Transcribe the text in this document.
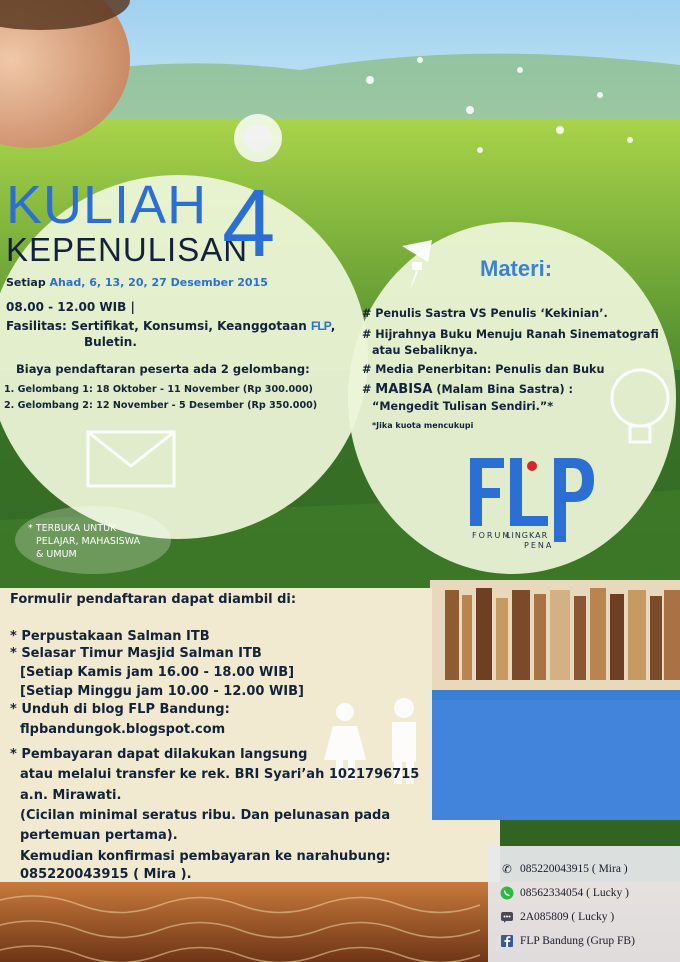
KULIAH
KEPENULISAN
4
Setiap Ahad, 6, 13, 20, 27 Desember 2015
08.00 - 12.00 WIB |
Fasilitas: Sertifikat, Konsumsi, Keanggotaan FLP,
Buletin.
Biaya pendaftaran peserta ada 2 gelombang:
1. Gelombang 1: 18 Oktober - 11 November (Rp 300.000)
2. Gelombang 2: 12 November - 5 Desember (Rp 350.000)
* TERBUKA UNTUK
PELAJAR, MAHASISWA
& UMUM
Materi:
# Penulis Sastra VS Penulis ‘Kekinian’.
# Hijrahnya Buku Menuju Ranah Sinematografi
atau Sebaliknya.
# Media Penerbitan: Penulis dan Buku
# MABISA (Malam Bina Sastra) :
“Mengedit Tulisan Sendiri.”*
*Jika kuota mencukupi
FORUM
LINGKAR
PENA
Formulir pendaftaran dapat diambil di:
* Perpustakaan Salman ITB
* Selasar Timur Masjid Salman ITB
[Setiap Kamis jam 16.00 - 18.00 WIB]
[Setiap Minggu jam 10.00 - 12.00 WIB]
* Unduh di blog FLP Bandung:
flpbandungok.blogspot.com
* Pembayaran dapat dilakukan langsung
atau melalui transfer ke rek. BRI Syari’ah 1021796715
a.n. Mirawati.
(Cicilan minimal seratus ribu. Dan pelunasan pada
pertemuan pertama).
Kemudian konfirmasi pembayaran ke narahubung:
085220043915 ( Mira ).	✆ 085220043915 ( Mira )
08562334054 ( Lucky )
2A085809 ( Lucky )
FLP Bandung (Grup FB)
